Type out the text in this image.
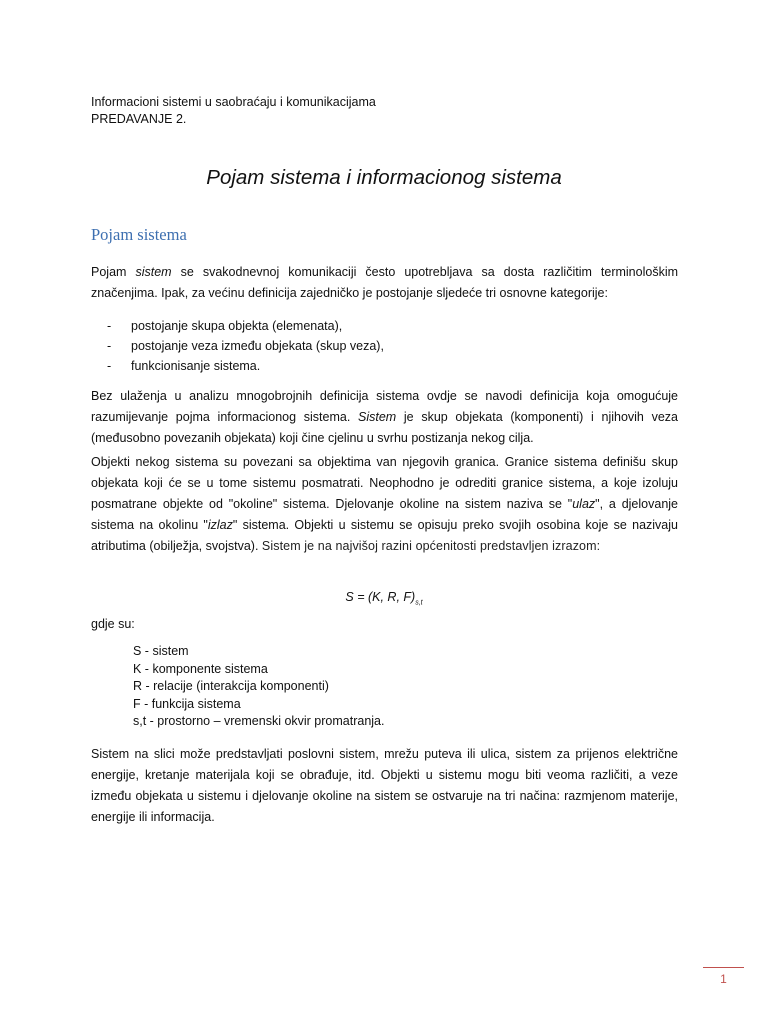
Informacioni sistemi u saobraćaju i komunikacijama
PREDAVANJE 2.
Pojam sistema i informacionog sistema
Pojam sistema
Pojam sistem se svakodnevnoj komunikaciji često upotrebljava sa dosta različitim terminološkim značenjima. Ipak, za većinu definicija zajedničko je postojanje sljedeće tri osnovne kategorije:
- postojanje skupa objekta (elemenata),
- postojanje veza između objekata (skup veza),
- funkcionisanje sistema.
Bez ulaženja u analizu mnogobrojnih definicija sistema ovdje se navodi definicija koja omogućuje razumijevanje pojma informacionog sistema. Sistem je skup objekata (komponenti) i njihovih veza (međusobno povezanih objekata) koji čine cjelinu u svrhu postizanja nekog cilja.
Objekti nekog sistema su povezani sa objektima van njegovih granica. Granice sistema definišu skup objekata koji će se u tome sistemu posmatrati. Neophodno je odrediti granice sistema, a koje izoluju posmatrane objekte od "okoline" sistema. Djelovanje okoline na sistem naziva se "ulaz", a djelovanje sistema na okolinu "izlaz" sistema. Objekti u sistemu se opisuju preko svojih osobina koje se nazivaju atributima (obilježja, svojstva). Sistem je na najvišoj razini općenitosti predstavljen izrazom:
S = (K, R, $F)_{s,t}$
gdje su:
S - sistem
K - komponente sistema
R - relacije (interakcija komponenti)
F - funkcija sistema
s,t - prostorno – vremenski okvir promatranja.
Sistem na slici može predstavljati poslovni sistem, mrežu puteva ili ulica, sistem za prijenos električne energije, kretanje materijala koji se obrađuje, itd. Objekti u sistemu mogu biti veoma različiti, a veze između objekata u sistemu i djelovanje okoline na sistem se ostvaruje na tri načina: razmjenom materije, energije ili informacija.
1
